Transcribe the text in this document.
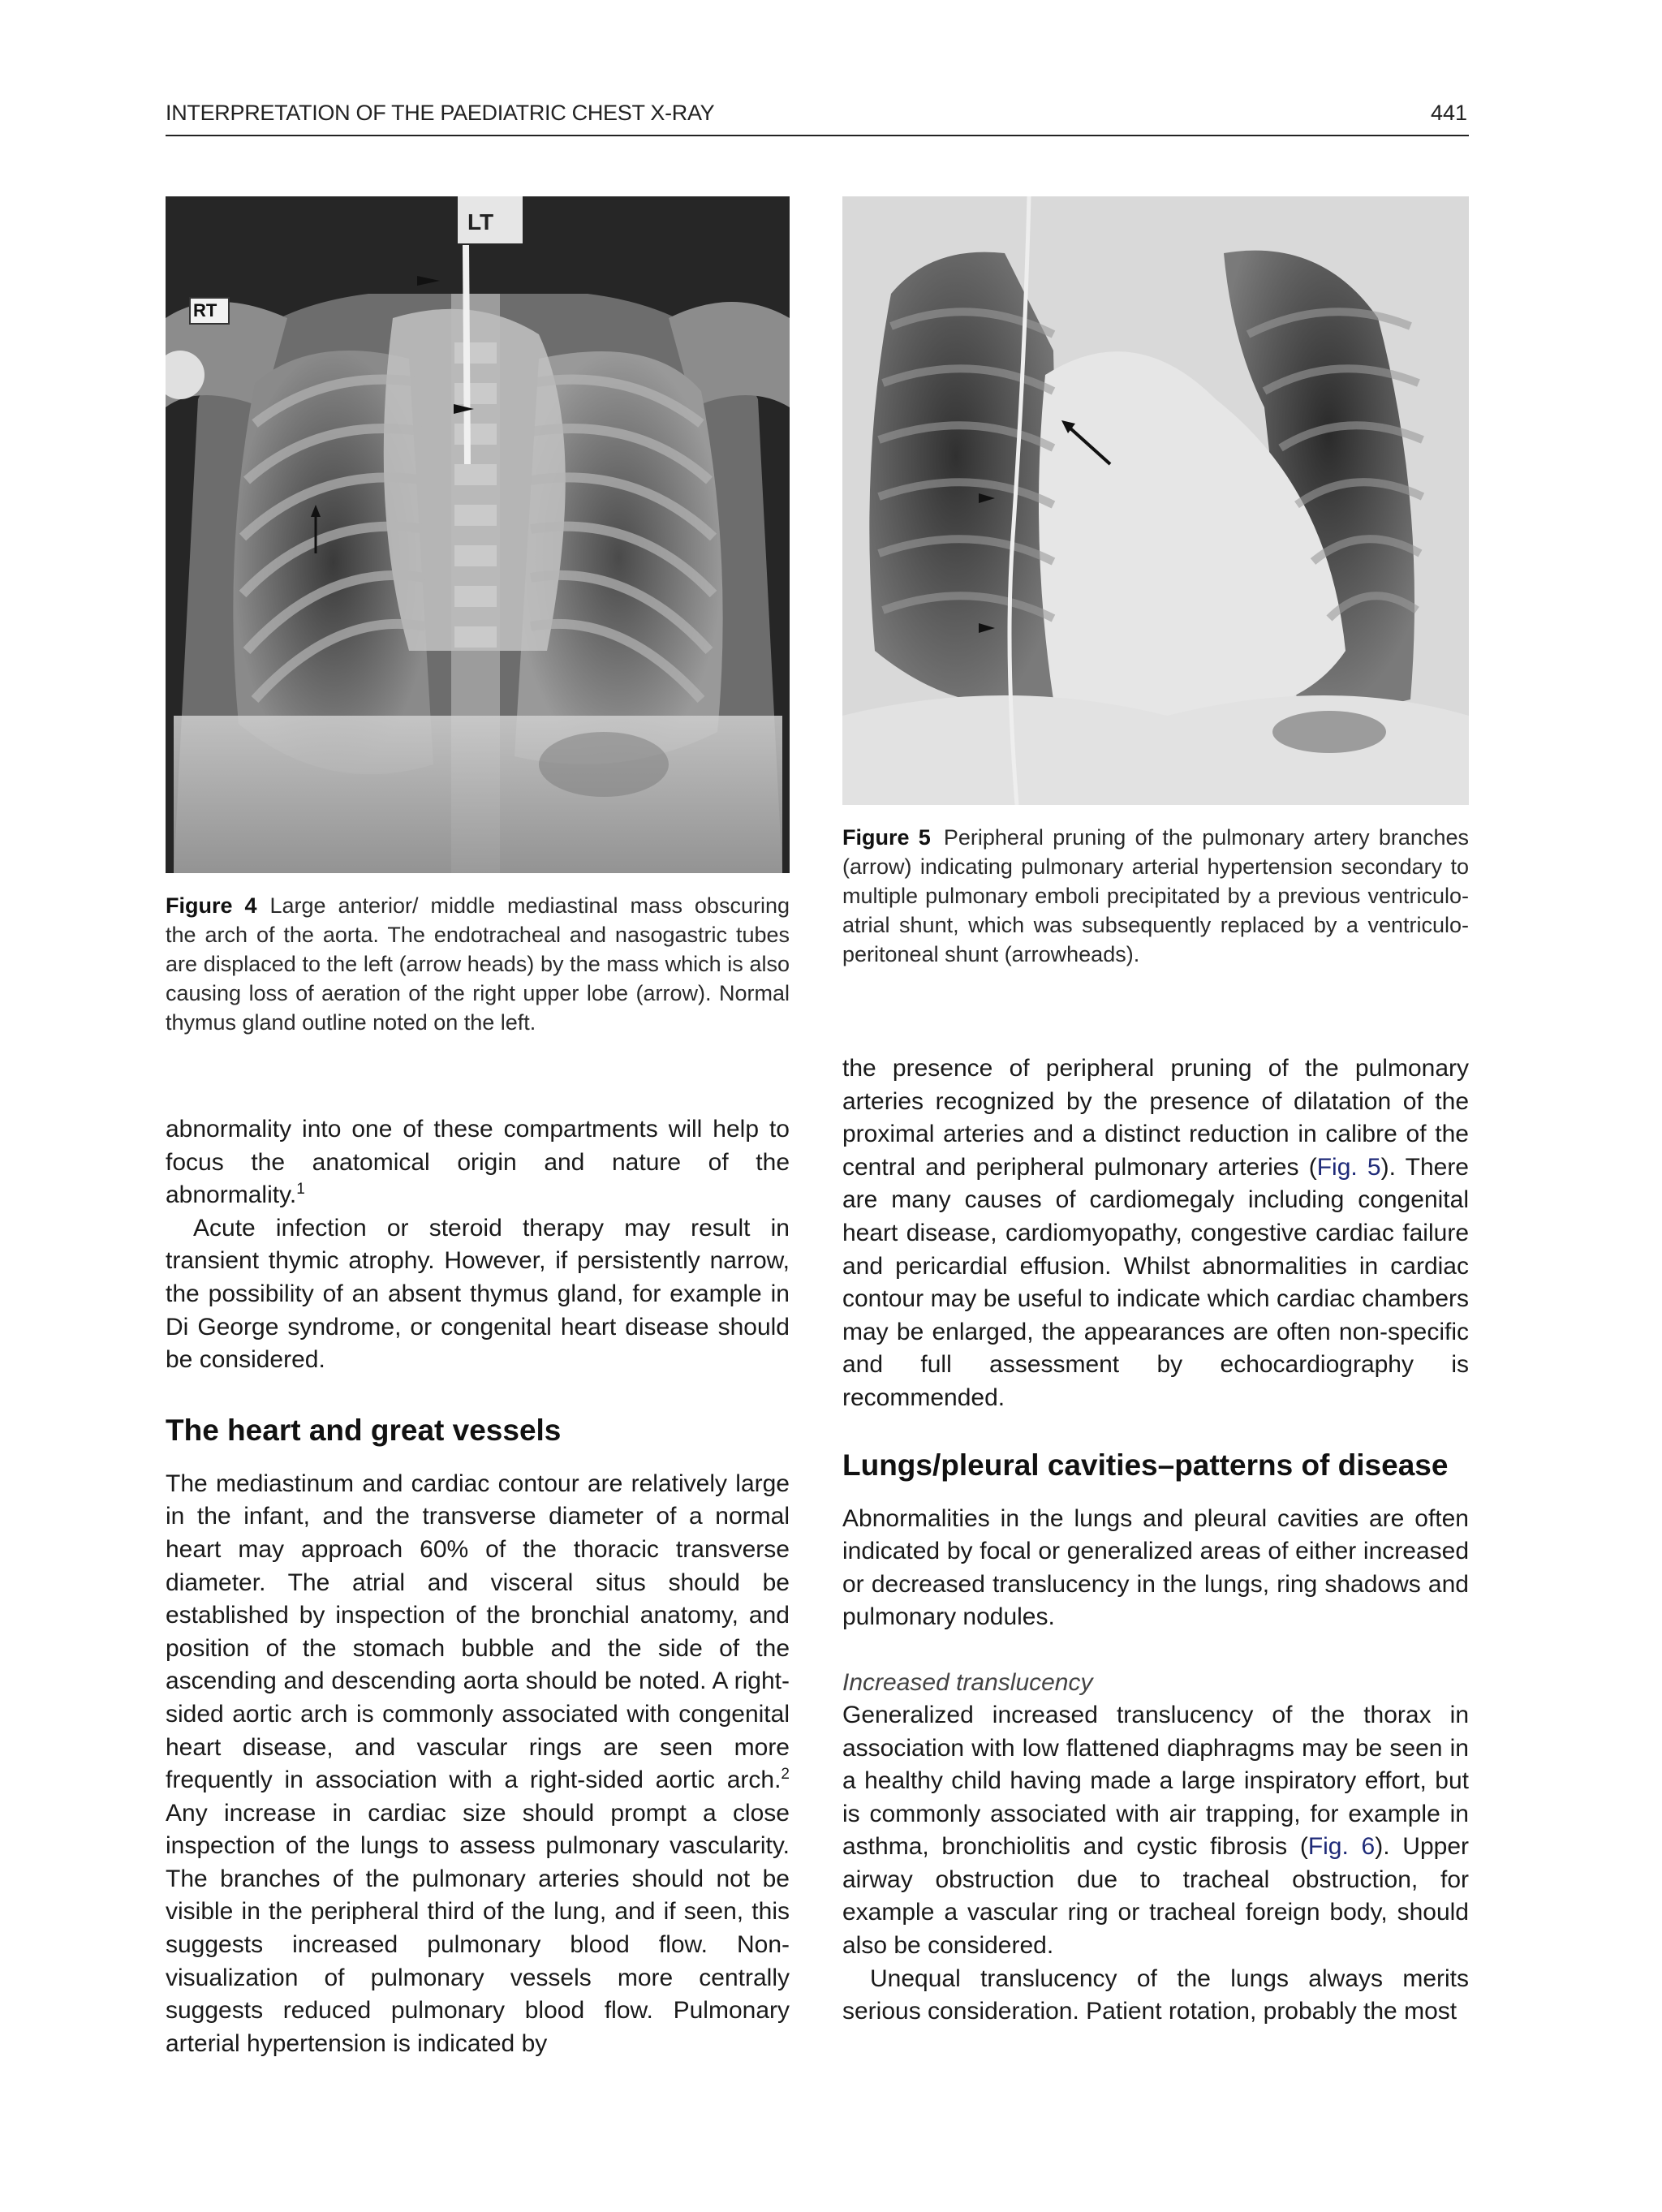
INTERPRETATION OF THE PAEDIATRIC CHEST X-RAY	441
LT
RT
Figure 4 Large anterior/ middle mediastinal mass obscuring the arch of the aorta. The endotracheal and nasogastric tubes are displaced to the left (arrow heads) by the mass which is also causing loss of aeration of the right upper lobe (arrow). Normal thymus gland outline noted on the left.
Figure 5 Peripheral pruning of the pulmonary artery branches (arrow) indicating pulmonary arterial hypertension secondary to multiple pulmonary emboli precipitated by a previous ventriculo-atrial shunt, which was subsequently replaced by a ventriculo-peritoneal shunt (arrowheads).

abnormality into one of these compartments will help to focus the anatomical origin and nature of the abnormality.$^1$

Acute infection or steroid therapy may result in transient thymic atrophy. However, if persistently narrow, the possibility of an absent thymus gland, for example in Di George syndrome, or congenital heart disease should be considered.

The heart and great vessels

The mediastinum and cardiac contour are relatively large in the infant, and the transverse diameter of a normal heart may approach 60% of the thoracic transverse diameter. The atrial and visceral situs should be established by inspection of the bronchial anatomy, and position of the stomach bubble and the side of the ascending and descending aorta should be noted. A right-sided aortic arch is commonly associated with congenital heart disease, and vascular rings are seen more frequently in association with a right-sided aortic arch.$^2$ Any increase in cardiac size should prompt a close inspection of the lungs to assess pulmonary vascularity. The branches of the pulmonary arteries should not be visible in the peripheral third of the lung, and if seen, this suggests increased pulmonary blood flow. Non-visualization of pulmonary vessels more centrally suggests reduced pulmonary blood flow. Pulmonary arterial hypertension is indicated by

the presence of peripheral pruning of the pulmonary arteries recognized by the presence of dilatation of the proximal arteries and a distinct reduction in calibre of the central and peripheral pulmonary arteries (Fig. 5). There are many causes of cardiomegaly including congenital heart disease, cardiomyopathy, congestive cardiac failure and pericardial effusion. Whilst abnormalities in cardiac contour may be useful to indicate which cardiac chambers may be enlarged, the appearances are often non-specific and full assessment by echocardiography is recommended.

Lungs/pleural cavities–patterns of disease

Abnormalities in the lungs and pleural cavities are often indicated by focal or generalized areas of either increased or decreased translucency in the lungs, ring shadows and pulmonary nodules.

Increased translucency

Generalized increased translucency of the thorax in association with low flattened diaphragms may be seen in a healthy child having made a large inspiratory effort, but is commonly associated with air trapping, for example in asthma, bronchiolitis and cystic fibrosis (Fig. 6). Upper airway obstruction due to tracheal obstruction, for example a vascular ring or tracheal foreign body, should also be considered.

Unequal translucency of the lungs always merits serious consideration. Patient rotation, probably the most
